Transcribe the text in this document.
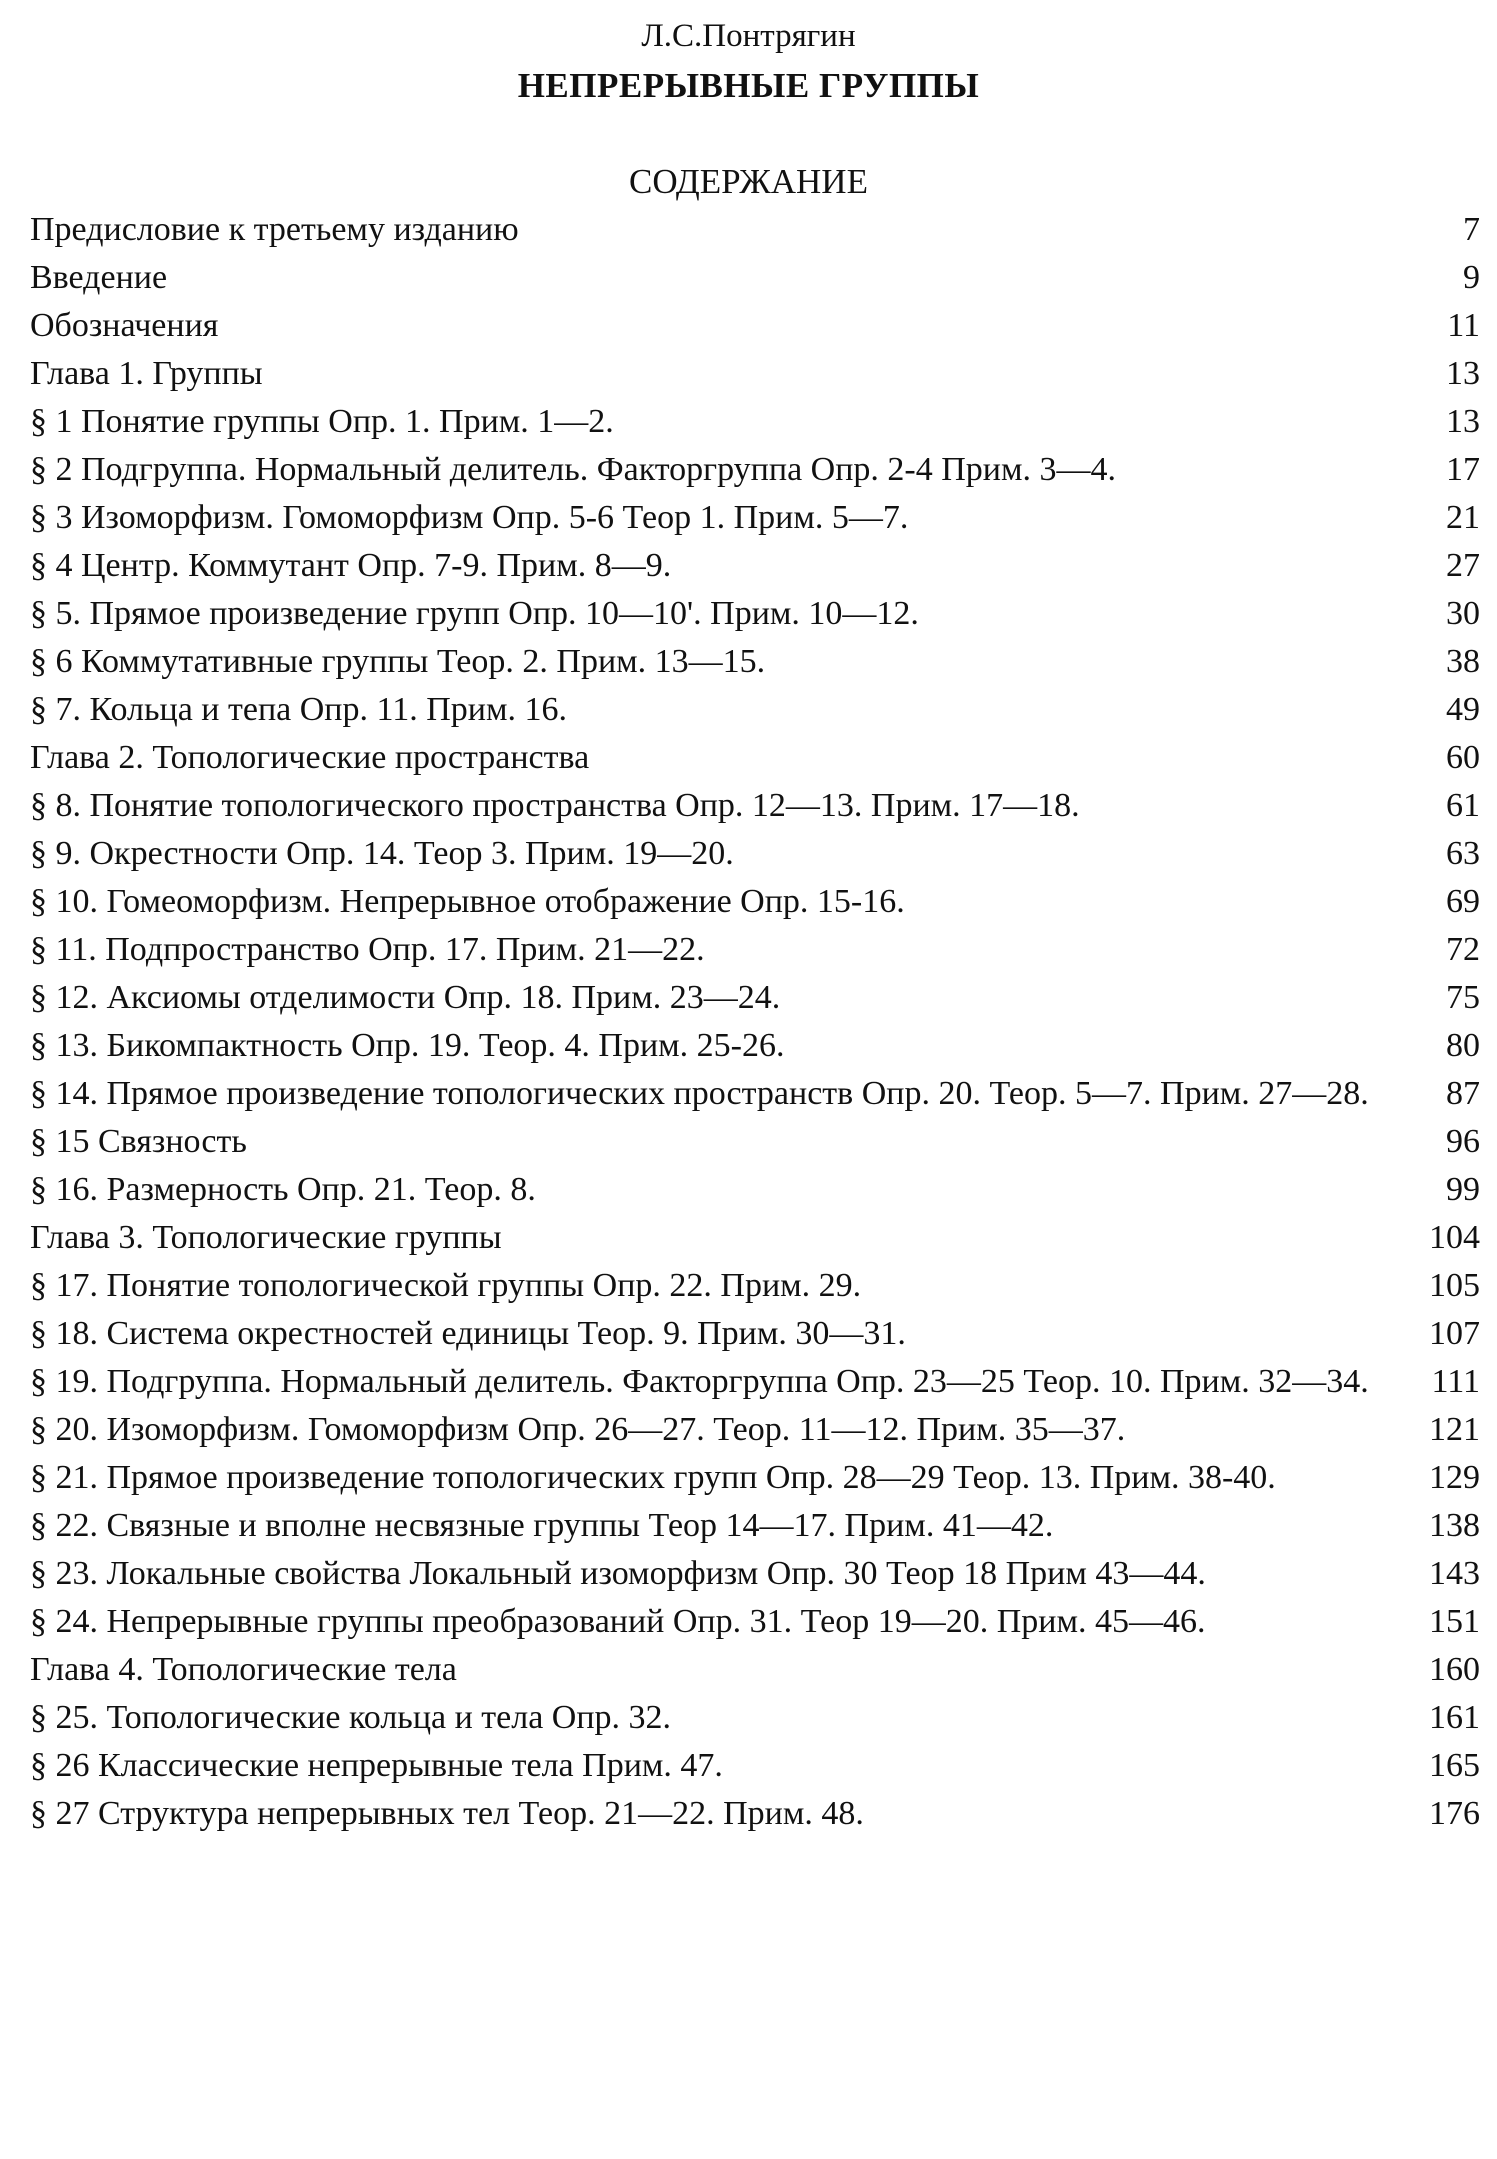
Л.С.Понтрягин
НЕПРЕРЫВНЫЕ ГРУППЫ
СОДЕРЖАНИЕ
Предисловие к третьему изданию	7
Введение	9
Обозначения	11
Глава 1. Группы	13
§ 1 Понятие группы Опр. 1. Прим. 1—2.	13
§ 2 Подгруппа. Нормальный делитель. Факторгруппа Опр. 2-4 Прим. 3—4.	17
§ 3 Изоморфизм. Гомоморфизм Опр. 5-6 Теор 1. Прим. 5—7.	21
§ 4 Центр. Коммутант Опр. 7-9. Прим. 8—9.	27
§ 5. Прямое произведение групп Опр. 10—10'. Прим. 10—12.	30
§ 6 Коммутативные группы Теор. 2. Прим. 13—15.	38
§ 7. Кольца и тепа Опр. 11. Прим. 16.	49
Глава 2. Топологические пространства	60
§ 8. Понятие топологического пространства Опр. 12—13. Прим. 17—18.	61
§ 9. Окрестности Опр. 14. Теор 3. Прим. 19—20.	63
§ 10. Гомеоморфизм. Непрерывное отображение Опр. 15-16.	69
§ 11. Подпространство Опр. 17. Прим. 21—22.	72
§ 12. Аксиомы отделимости Опр. 18. Прим. 23—24.	75
§ 13. Бикомпактность Опр. 19. Теор. 4. Прим. 25-26.	80
§ 14. Прямое произведение топологических пространств Опр. 20. Теор. 5—7. Прим. 27—28.	87
§ 15 Связность	96
§ 16. Размерность Опр. 21. Теор. 8.	99
Глава 3. Топологические группы	104
§ 17. Понятие топологической группы Опр. 22. Прим. 29.	105
§ 18. Система окрестностей единицы Теор. 9. Прим. 30—31.	107
§ 19. Подгруппа. Нормальный делитель. Факторгруппа Опр. 23—25 Теор. 10. Прим. 32—34.	111
§ 20. Изоморфизм. Гомоморфизм Опр. 26—27. Теор. 11—12. Прим. 35—37.	121
§ 21. Прямое произведение топологических групп Опр. 28—29 Теор. 13. Прим. 38-40.	129
§ 22. Связные и вполне несвязные группы Теор 14—17. Прим. 41—42.	138
§ 23. Локальные свойства Локальный изоморфизм Опр. 30 Теор 18 Прим 43—44.	143
§ 24. Непрерывные группы преобразований Опр. 31. Теор 19—20. Прим. 45—46.	151
Глава 4. Топологические тела	160
§ 25. Топологические кольца и тела Опр. 32.	161
§ 26 Классические непрерывные тела Прим. 47.	165
§ 27 Структура непрерывных тел Теор. 21—22. Прим. 48.	176
